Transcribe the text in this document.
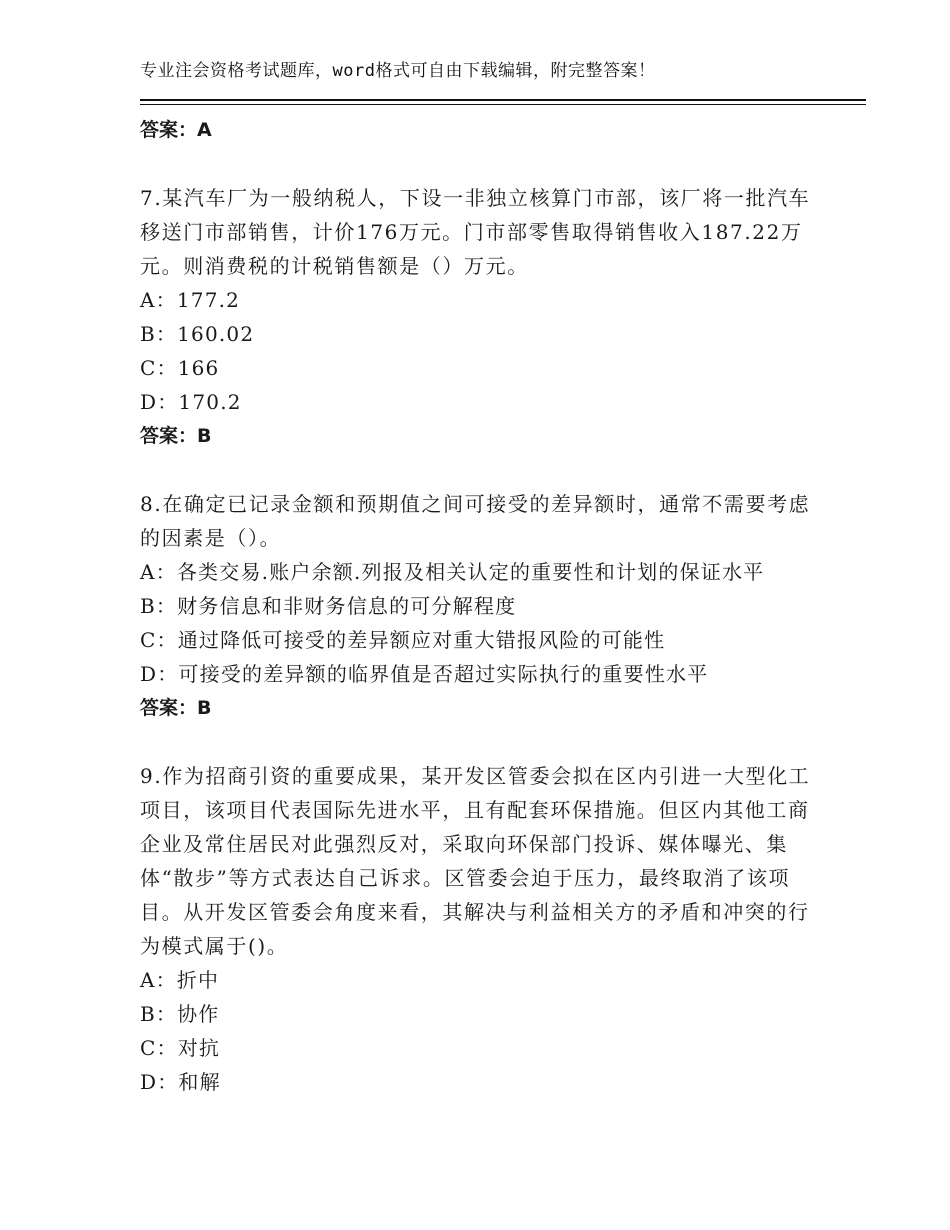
专业注会资格考试题库，word格式可自由下载编辑，附完整答案！

答案：A

7.某汽车厂为一般纳税人，下设一非独立核算门市部，该厂将一批汽车移送门市部销售，计价176万元。门市部零售取得销售收入187.22万元。则消费税的计税销售额是（）万元。

A：177.2

B：160.02

C：166

D：170.2

答案：B

8.在确定已记录金额和预期值之间可接受的差异额时，通常不需要考虑的因素是（）。

A：各类交易.账户余额.列报及相关认定的重要性和计划的保证水平

B：财务信息和非财务信息的可分解程度

C：通过降低可接受的差异额应对重大错报风险的可能性

D：可接受的差异额的临界值是否超过实际执行的重要性水平

答案：B

9.作为招商引资的重要成果，某开发区管委会拟在区内引进一大型化工项目，该项目代表国际先进水平，且有配套环保措施。但区内其他工商企业及常住居民对此强烈反对，采取向环保部门投诉、媒体曝光、集体“散步”等方式表达自己诉求。区管委会迫于压力，最终取消了该项目。从开发区管委会角度来看，其解决与利益相关方的矛盾和冲突的行为模式属于()。

A：折中

B：协作

C：对抗

D：和解
